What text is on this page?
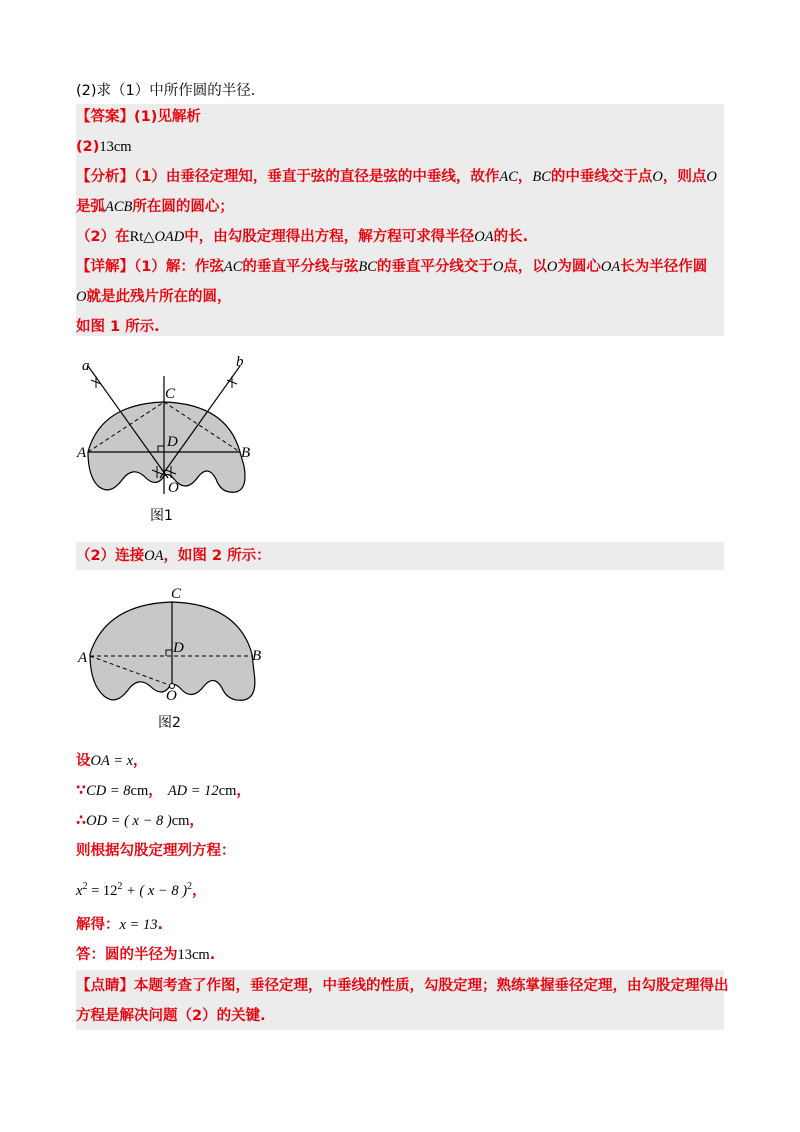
(2)求（1）中所作圆的半径.
【答案】(1)见解析
(2)13cm
【分析】（1）由垂径定理知，垂直于弦的直径是弦的中垂线，故作AC，BC的中垂线交于点O，则点O
是弧ACB所在圆的圆心；
（2）在Rt△OAD中，由勾股定理得出方程，解方程可求得半径OA的长.
【详解】（1）解：作弦AC的垂直平分线与弦BC的垂直平分线交于O点，以O为圆心OA长为半径作圆
O就是此残片所在的圆，
如图 1 所示.
a	b
A	B
C
D
O
图1
（2）连接OA，如图 2 所示：
A	B
C
D
O
图2
设OA = x，
∵CD = 8cm， AD = 12cm，
∴OD = ( x − 8 )cm，
则根据勾股定理列方程：
$x^2 = 12^2$ + ( x − 8 )$^2$，
解得：x = 13.
答：圆的半径为13cm.
【点睛】本题考查了作图，垂径定理，中垂线的性质，勾股定理；熟练掌握垂径定理，由勾股定理得出
方程是解决问题（2）的关键.
